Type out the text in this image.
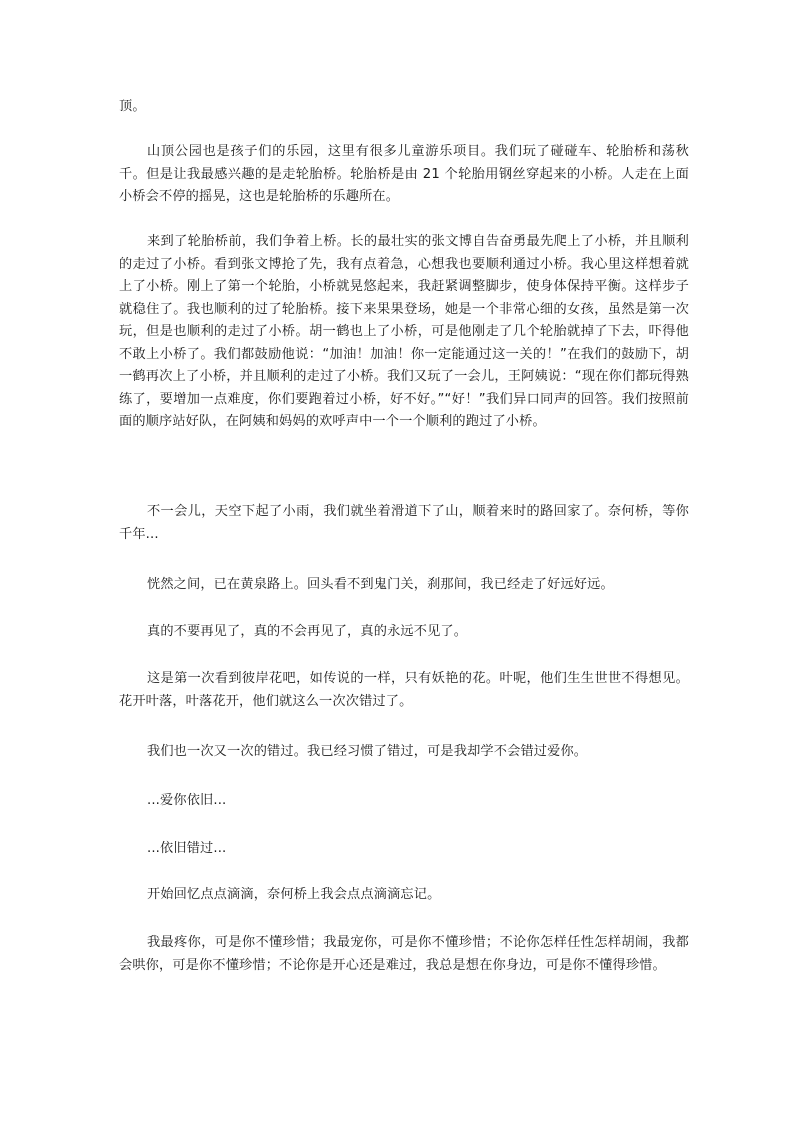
顶。

山顶公园也是孩子们的乐园，这里有很多儿童游乐项目。我们玩了碰碰车、轮胎桥和荡秋千。但是让我最感兴趣的是走轮胎桥。轮胎桥是由 21 个轮胎用钢丝穿起来的小桥。人走在上面小桥会不停的摇晃，这也是轮胎桥的乐趣所在。

来到了轮胎桥前，我们争着上桥。长的最壮实的张文博自告奋勇最先爬上了小桥，并且顺利的走过了小桥。看到张文博抢了先，我有点着急，心想我也要顺利通过小桥。我心里这样想着就上了小桥。刚上了第一个轮胎，小桥就晃悠起来，我赶紧调整脚步，使身体保持平衡。这样步子就稳住了。我也顺利的过了轮胎桥。接下来果果登场，她是一个非常心细的女孩，虽然是第一次玩，但是也顺利的走过了小桥。胡一鹤也上了小桥，可是他刚走了几个轮胎就掉了下去，吓得他不敢上小桥了。我们都鼓励他说：“加油！加油！你一定能通过这一关的！”在我们的鼓励下，胡一鹤再次上了小桥，并且顺利的走过了小桥。我们又玩了一会儿，王阿姨说：“现在你们都玩得熟练了，要增加一点难度，你们要跑着过小桥，好不好。”“好！”我们异口同声的回答。我们按照前面的顺序站好队，在阿姨和妈妈的欢呼声中一个一个顺利的跑过了小桥。

不一会儿，天空下起了小雨，我们就坐着滑道下了山，顺着来时的路回家了。奈何桥，等你千年...

恍然之间，已在黄泉路上。回头看不到鬼门关，刹那间，我已经走了好远好远。

真的不要再见了，真的不会再见了，真的永远不见了。

这是第一次看到彼岸花吧，如传说的一样，只有妖艳的花。叶呢，他们生生世世不得想见。花开叶落，叶落花开，他们就这么一次次错过了。

我们也一次又一次的错过。我已经习惯了错过，可是我却学不会错过爱你。

...爱你依旧...

...依旧错过...

开始回忆点点滴滴，奈何桥上我会点点滴滴忘记。

我最疼你，可是你不懂珍惜；我最宠你，可是你不懂珍惜；不论你怎样任性怎样胡闹，我都会哄你，可是你不懂珍惜；不论你是开心还是难过，我总是想在你身边，可是你不懂得珍惜。
